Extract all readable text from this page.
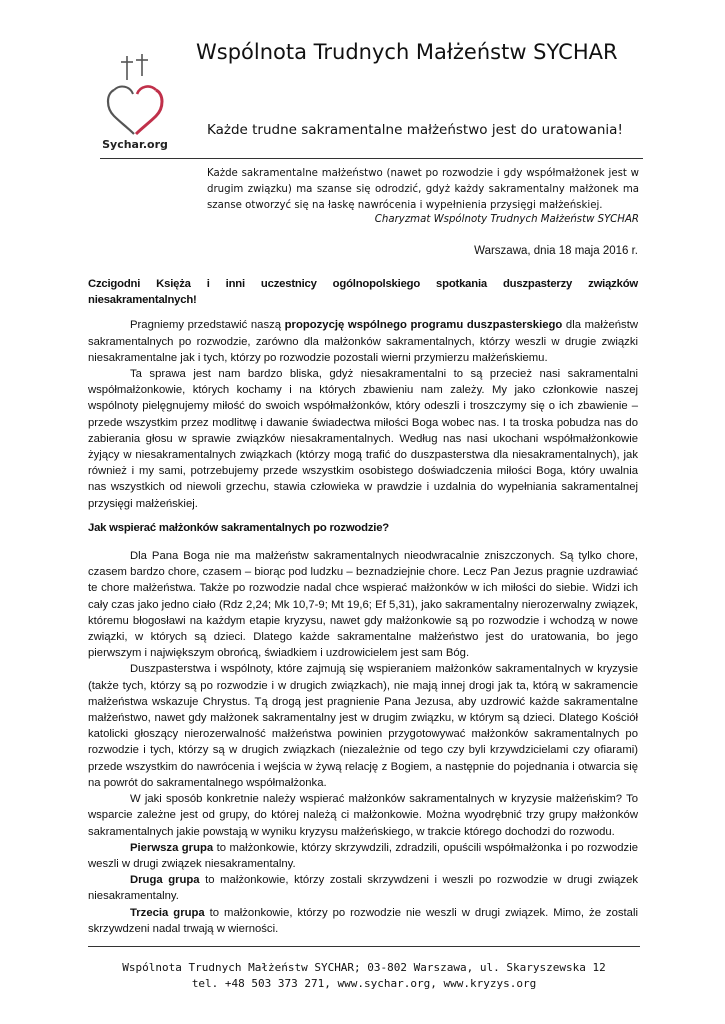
Sychar.org
Wspólnota Trudnych Małżeństw SYCHAR
Każde trudne sakramentalne małżeństwo jest do uratowania!
Każde sakramentalne małżeństwo (nawet po rozwodzie i gdy współmałżonek jest w drugim związku) ma szanse się odrodzić, gdyż każdy sakramentalny małżonek ma szanse otworzyć się na łaskę nawrócenia i wypełnienia przysięgi małżeńskiej.
Charyzmat Wspólnoty Trudnych Małżeństw SYCHAR
Warszawa, dnia 18 maja 2016 r.

Czcigodni Księża i inni uczestnicy ogólnopolskiego spotkania duszpasterzy związków niesakramentalnych!

Pragniemy przedstawić naszą propozycję wspólnego programu duszpasterskiego dla małżeństw sakramentalnych po rozwodzie, zarówno dla małżonków sakramentalnych, którzy weszli w drugie związki niesakramentalne jak i tych, którzy po rozwodzie pozostali wierni przymierzu małżeńskiemu.

Ta sprawa jest nam bardzo bliska, gdyż niesakramentalni to są przecież nasi sakramentalni współmałżonkowie, których kochamy i na których zbawieniu nam zależy. My jako członkowie naszej wspólnoty pielęgnujemy miłość do swoich współmałżonków, który odeszli i troszczymy się o ich zbawienie – przede wszystkim przez modlitwę i dawanie świadectwa miłości Boga wobec nas. I ta troska pobudza nas do zabierania głosu w sprawie związków niesakramentalnych. Według nas nasi ukochani współmałżonkowie żyjący w niesakramentalnych związkach (którzy mogą trafić do duszpasterstwa dla niesakramentalnych), jak również i my sami, potrzebujemy przede wszystkim osobistego doświadczenia miłości Boga, który uwalnia nas wszystkich od niewoli grzechu, stawia człowieka w prawdzie i uzdalnia do wypełniania sakramentalnej przysięgi małżeńskiej.

Jak wspierać małżonków sakramentalnych po rozwodzie?

Dla Pana Boga nie ma małżeństw sakramentalnych nieodwracalnie zniszczonych. Są tylko chore, czasem bardzo chore, czasem – biorąc pod ludzku – beznadziejnie chore. Lecz Pan Jezus pragnie uzdrawiać te chore małżeństwa. Także po rozwodzie nadal chce wspierać małżonków w ich miłości do siebie. Widzi ich cały czas jako jedno ciało (Rdz 2,24; Mk 10,7-9; Mt 19,6; Ef 5,31), jako sakramentalny nierozerwalny związek, któremu błogosławi na każdym etapie kryzysu, nawet gdy małżonkowie są po rozwodzie i wchodzą w nowe związki, w których są dzieci. Dlatego każde sakramentalne małżeństwo jest do uratowania, bo jego pierwszym i największym obrońcą, świadkiem i uzdrowicielem jest sam Bóg.

Duszpasterstwa i wspólnoty, które zajmują się wspieraniem małżonków sakramentalnych w kryzysie (także tych, którzy są po rozwodzie i w drugich związkach), nie mają innej drogi jak ta, którą w sakramencie małżeństwa wskazuje Chrystus. Tą drogą jest pragnienie Pana Jezusa, aby uzdrowić każde sakramentalne małżeństwo, nawet gdy małżonek sakramentalny jest w drugim związku, w którym są dzieci. Dlatego Kościół katolicki głoszący nierozerwalność małżeństwa powinien przygotowywać małżonków sakramentalnych po rozwodzie i tych, którzy są w drugich związkach (niezależnie od tego czy byli krzywdzicielami czy ofiarami) przede wszystkim do nawrócenia i wejścia w żywą relację z Bogiem, a następnie do pojednania i otwarcia się na powrót do sakramentalnego współmałżonka.

W jaki sposób konkretnie należy wspierać małżonków sakramentalnych w kryzysie małżeńskim? To wsparcie zależne jest od grupy, do której należą ci małżonkowie. Można wyodrębnić trzy grupy małżonków sakramentalnych jakie powstają w wyniku kryzysu małżeńskiego, w trakcie którego dochodzi do rozwodu.

Pierwsza grupa to małżonkowie, którzy skrzywdzili, zdradzili, opuścili współmałżonka i po rozwodzie weszli w drugi związek niesakramentalny.

Druga grupa to małżonkowie, którzy zostali skrzywdzeni i weszli po rozwodzie w drugi związek niesakramentalny.

Trzecia grupa to małżonkowie, którzy po rozwodzie nie weszli w drugi związek. Mimo, że zostali skrzywdzeni nadal trwają w wierności.

Wspólnota Trudnych Małżeństw SYCHAR; 03-802 Warszawa, ul. Skaryszewska 12
tel. +48 503 373 271, www.sychar.org, www.kryzys.org
